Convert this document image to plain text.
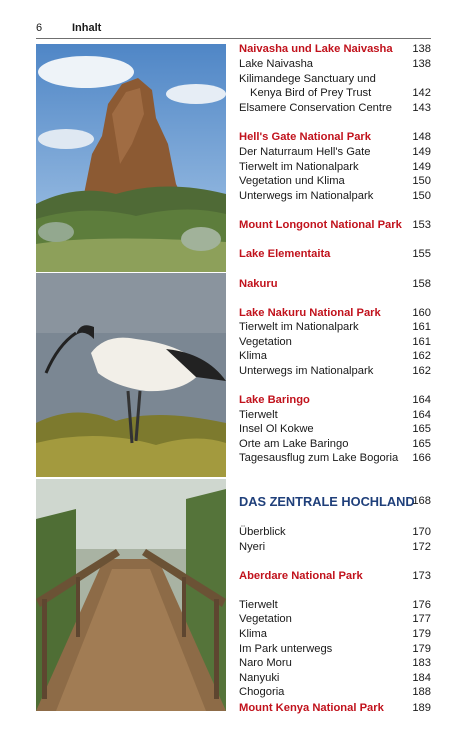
6	Inhalt
Naivasha und Lake Naivasha 138
Lake Naivasha	138
Kilimandege Sanctuary und
Kenya Bird of Prey Trust	142
Elsamere Conservation Centre 143
Hell's Gate National Park	148
Der Naturraum Hell's Gate	149
Tierwelt im Nationalpark	149
Vegetation und Klima	150
Unterwegs im Nationalpark	150
Mount Longonot National Park 153
Lake Elementaita	155
Nakuru	158
Lake Nakuru National Park	160
Tierwelt im Nationalpark	161
Vegetation	161
Klima	162
Unterwegs im Nationalpark	162
Lake Baringo	164
Tierwelt	164
Insel Ol Kokwe	165
Orte am Lake Baringo	165
Tagesausflug zum Lake Bogoria 166
DAS ZENTRALE HOCHLAND
168
Überblick	170
Nyeri	172
Aberdare National Park	173
Tierwelt	176
Vegetation	177
Klima	179
Im Park unterwegs	179
Naro Moru	183
Nanyuki	184
Chogoria	188
Mount Kenya National Park	189
